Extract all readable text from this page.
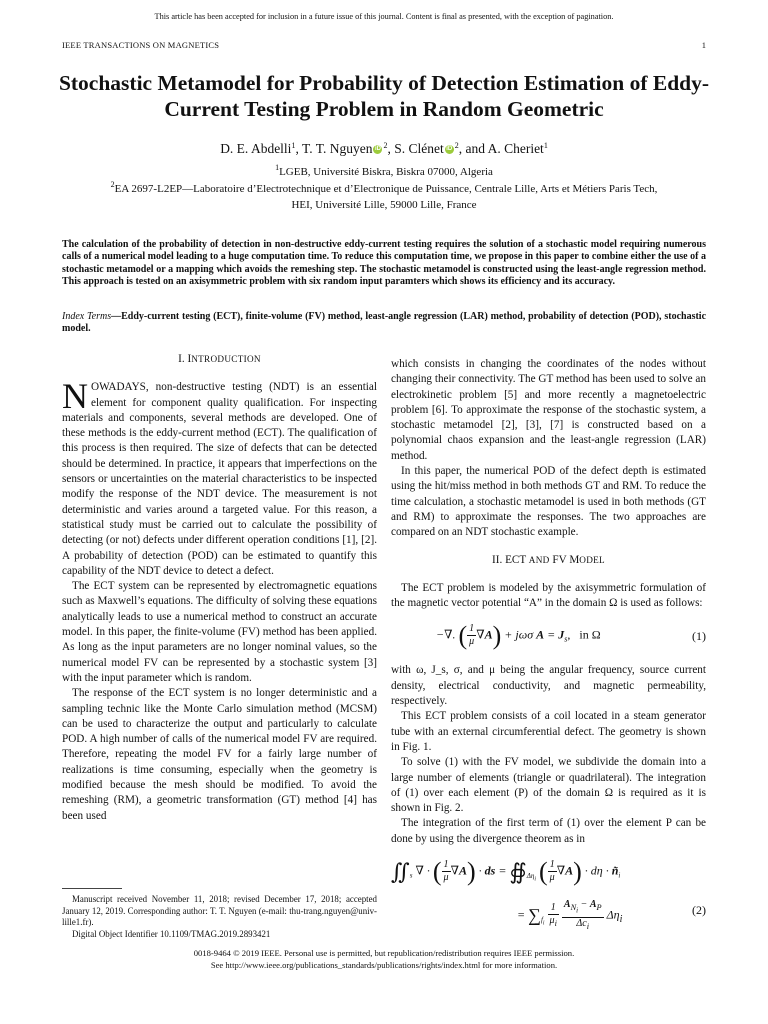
This article has been accepted for inclusion in a future issue of this journal. Content is final as presented, with the exception of pagination.
IEEE TRANSACTIONS ON MAGNETICS	1
Stochastic Metamodel for Probability of Detection Estimation of Eddy-Current Testing Problem in Random Geometric
D. E. Abdelli$^1$, T. T. Nguyen iD $^2$, S. Clénet iD $^2$, and A. Cheriet$^1$
$^1$LGEB, Université Biskra, Biskra 07000, Algeria
$^2$EA 2697-L2EP—Laboratoire d’Electrotechnique et d’Electronique de Puissance, Centrale Lille, Arts et Métiers Paris Tech,
HEI, Université Lille, 59000 Lille, France
The calculation of the probability of detection in non-destructive eddy-current testing requires the solution of a stochastic model requiring numerous calls of a numerical model leading to a huge computation time. To reduce this computation time, we propose in this paper to combine either the use of a stochastic metamodel or a mapping which avoids the remeshing step. The stochastic metamodel is constructed using the least-angle regression method. This approach is tested on an axisymmetric problem with six random input paramters which shows its efficiency and its accuracy.
Index Terms—Eddy-current testing (ECT), finite-volume (FV) method, least-angle regression (LAR) method, probability of detection (POD), stochastic model.
I. INTRODUCTION

NOWADAYS, non-destructive testing (NDT) is an essential element for component quality qualification. For inspecting materials and components, several methods are developed. One of these methods is the eddy-current method (ECT). The qualification of this process is then required. The size of defects that can be detected should be determined. In practice, it appears that imperfections on the sensors or uncertainties on the material characteristics to be inspected modify the response of the NDT device. The measurement is not deterministic and varies around a targeted value. For this reason, a statistical study must be carried out to calculate the possibility of detecting (or not) defects under different operation conditions [1], [2]. A probability of detection (POD) can be estimated to quantify this capability of the NDT device to detect a defect.

The ECT system can be represented by electromagnetic equations such as Maxwell’s equations. The difficulty of solving these equations analytically leads to use a numerical method to construct an accurate model. In this paper, the finite-volume (FV) method has been applied. As long as the input parameters are no longer nominal values, so the numerical model FV can be represented by a stochastic system [3] with the input parameter which is random.

The response of the ECT system is no longer deterministic and a sampling technic like the Monte Carlo simulation method (MCSM) can be used to characterize the output and particularly to calculate POD. A high number of calls of the numerical model FV are required. Therefore, repeating the model FV for a fairly large number of realizations is time consuming, especially when the geometry is modified because the mesh should be modified. To avoid the remeshing (RM), a geometric transformation (GT) method [4] has been used

which consists in changing the coordinates of the nodes without changing their connectivity. The GT method has been used to solve an electrokinetic problem [5] and more recently a magnetoelectric problem [6]. To approximate the response of the stochastic system, a stochastic metamodel [2], [3], [7] is constructed based on a polynomial chaos expansion and the least-angle regression (LAR) method.

In this paper, the numerical POD of the defect depth is estimated using the hit/miss method in both methods GT and RM. To reduce the time calculation, a stochastic metamodel is used in both methods (GT and RM) to approximate the responses. The two approaches are compared on an NDT stochastic example.

II. ECT AND FV MODEL

The ECT problem is modeled by the axisymmetric formulation of the magnetic vector potential “A” in the domain Ω is used as follows:

−∇. ( $\frac{1}{\mu} \nabla A) + j\omega\sigma$ $A = J_s$,   in Ω	(1)

with ω, J_s, σ, and μ being the angular frequency, source current density, electrical conductivity, and magnetic permeability, respectively.

This ECT problem consists of a coil located in a steam generator tube with an external circumferential defect. The geometry is shown in Fig. 1.

To solve (1) with the FV model, we subdivide the domain into a large number of elements (triangle or quadrilateral). The integration of (1) over each element (P) of the domain Ω is required as it is shown in Fig. 2.

The integration of the first term of (1) over the element P can be done by using the divergence theorem as in

$∬_s$ ∇ · ( $\frac{1}{\mu} \nabla A$) · ds = $∯_{\Delta\eta_i}$ ( $\frac{1}{\mu} \nabla A) \cdot d\eta$ · $ñ_i$
= $\sum_{f_i} \frac{1}{\mu_i}$
$\frac{A_{N_i} - A_P}{\Delta c_i} \Delta\eta_i$
(2)

Manuscript received November 11, 2018; revised December 17, 2018; accepted January 12, 2019. Corresponding author: T. T. Nguyen (e-mail: thu-trang.nguyen@univ-lille1.fr).

Digital Object Identifier 10.1109/TMAG.2019.2893421
0018-9464 © 2019 IEEE. Personal use is permitted, but republication/redistribution requires IEEE permission.
See http://www.ieee.org/publications_standards/publications/rights/index.html for more information.
